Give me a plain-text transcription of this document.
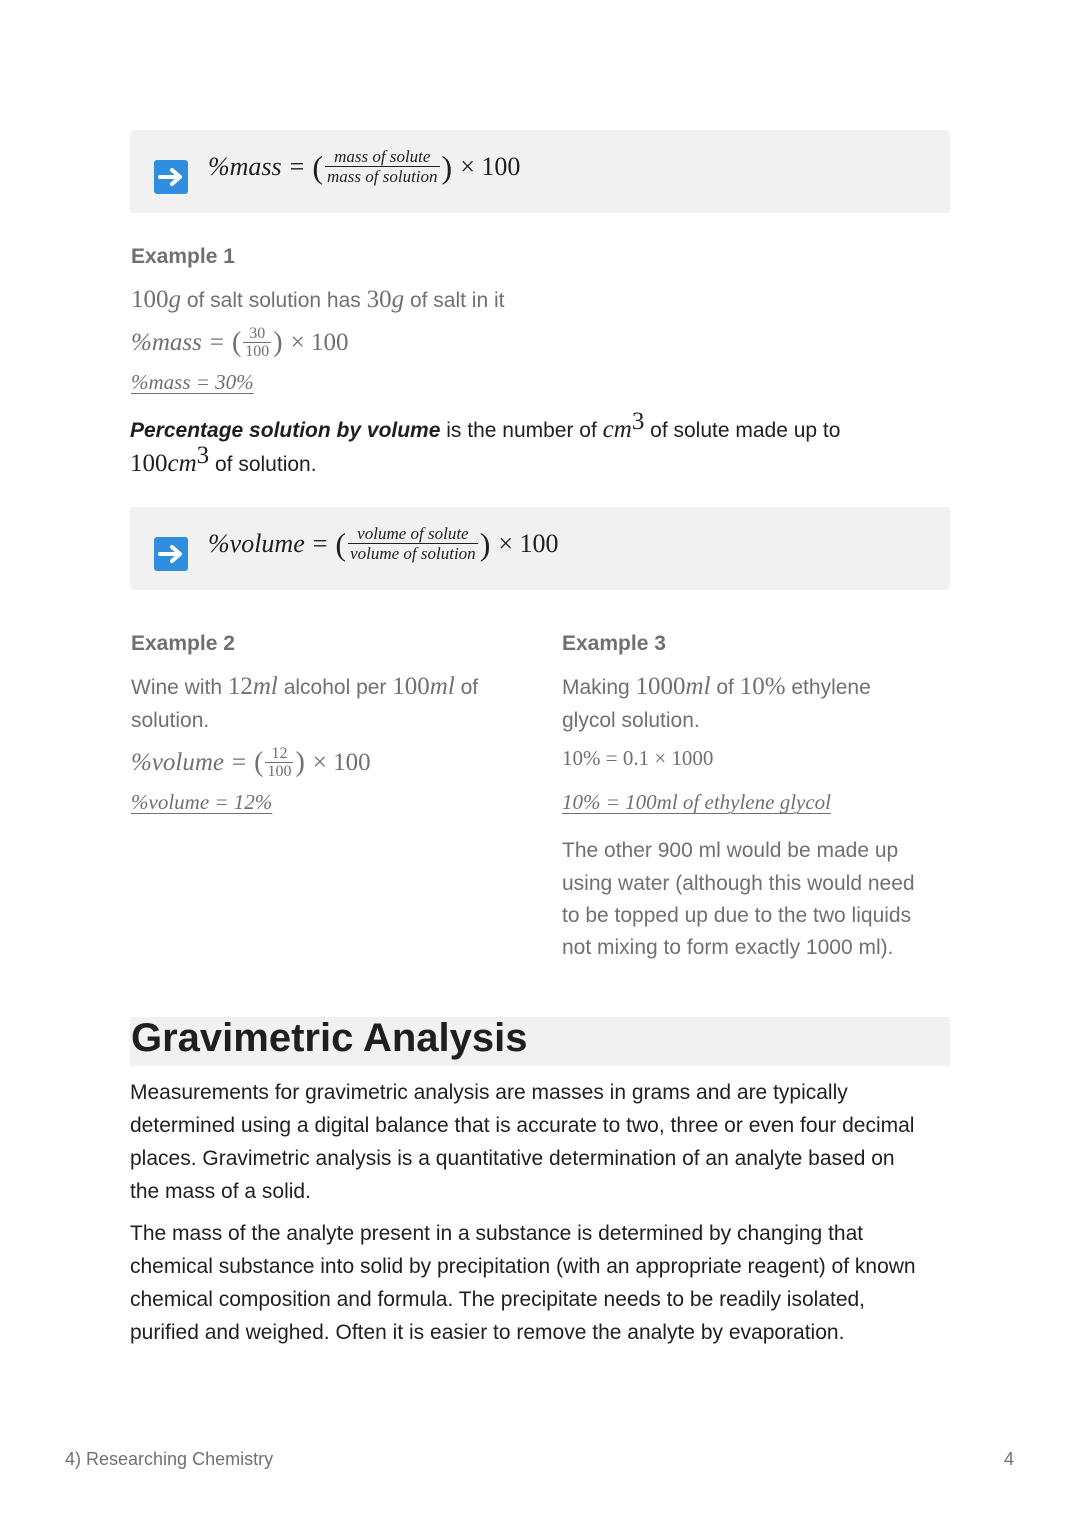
%mass = ( $\frac{\text{mass of solute}}{\text{mass of solution}}$ ) × 100
Example 1
100g of salt solution has 30g of salt in it
%mass = ( $\frac{30}{100}$ ) × 100
%mass = 30%
Percentage solution by volume is the number of $cm^3$ of solute made up to
$100cm^3$ of solution.
%volume = ( $\frac{\text{volume of solute}}{\text{volume of solution}}$ ) × 100
Example 2
Wine with 12ml alcohol per 100ml of
solution.
%volume = ( $\frac{12}{100}$ ) × 100
%volume = 12%
Example 3
Making 1000ml of 10% ethylene
glycol solution.
10% = 0.1 × 1000
10% = 100ml of ethylene glycol
The other 900 ml would be made up
using water (although this would need
to be topped up due to the two liquids
not mixing to form exactly 1000 ml).
Gravimetric Analysis
Measurements for gravimetric analysis are masses in grams and are typically
determined using a digital balance that is accurate to two, three or even four decimal
places. Gravimetric analysis is a quantitative determination of an analyte based on
the mass of a solid.
The mass of the analyte present in a substance is determined by changing that
chemical substance into solid by precipitation (with an appropriate reagent) of known
chemical composition and formula. The precipitate needs to be readily isolated,
purified and weighed. Often it is easier to remove the analyte by evaporation.
4) Researching Chemistry	4
